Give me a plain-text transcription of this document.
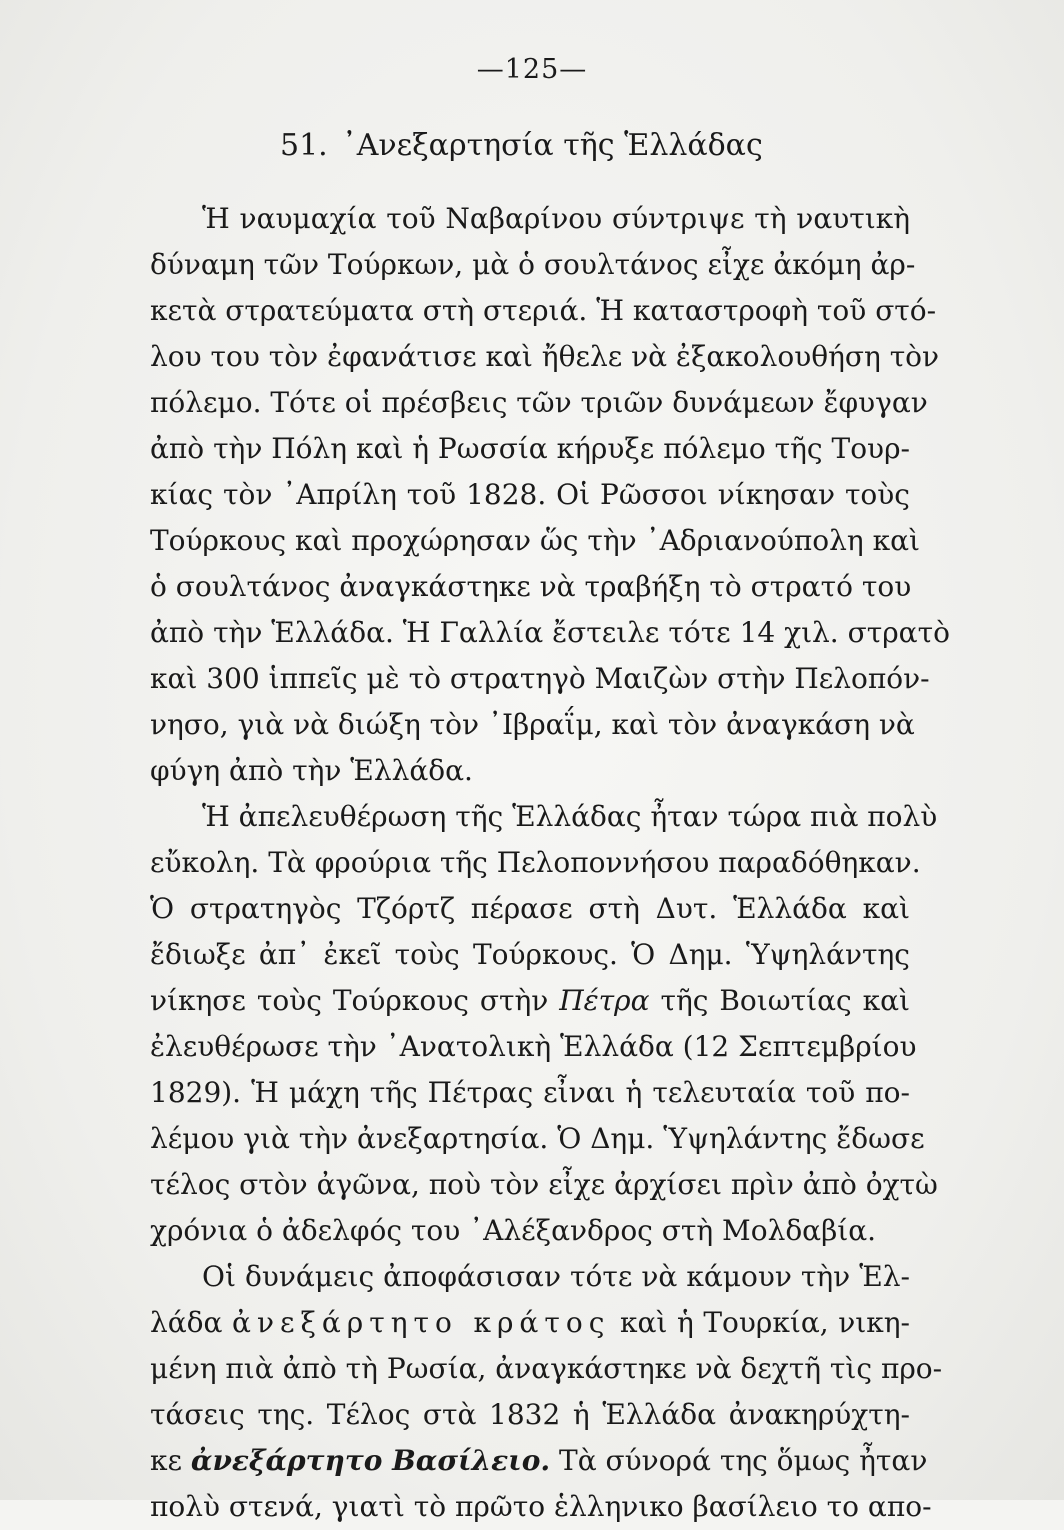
—125—
51. ᾿Ανεξαρτησία τῆς Ἑλλάδας
Ἡ ναυμαχία τοῦ Ναβαρίνου σύντριψε τὴ ναυτικὴ
δύναμη τῶν Τούρκων, μὰ ὁ σουλτάνος εἶχε ἀκόμη ἀρ-
κετὰ στρατεύματα στὴ στεριά. Ἡ καταστροφὴ τοῦ στό-
λου του τὸν ἐφανάτισε καὶ ἤθελε νὰ ἐξακολουθήση τὸν
πόλεμο. Τότε οἱ πρέσβεις τῶν τριῶν δυνάμεων ἔφυγαν
ἀπὸ τὴν Πόλη καὶ ἡ Ρωσσία κήρυξε πόλεμο τῆς Τουρ-
κίας τὸν ᾿Απρίλη τοῦ 1828. Οἱ Ρῶσσοι νίκησαν τοὺς
Τούρκους καὶ προχώρησαν ὥς τὴν ᾿Αδριανούπολη καὶ
ὁ σουλτάνος ἀναγκάστηκε νὰ τραβήξη τὸ στρατό του
ἀπὸ τὴν Ἑλλάδα. Ἡ Γαλλία ἔστειλε τότε 14 χιλ. στρατὸ
καὶ 300 ἱππεῖς μὲ τὸ στρατηγὸ Μαιζὼν στὴν Πελοπόν-
νησο, γιὰ νὰ διώξη τὸν ᾿Ιβραΐμ, καὶ τὸν ἀναγκάση νὰ
φύγη ἀπὸ τὴν Ἑλλάδα.
Ἡ ἀπελευθέρωση τῆς Ἑλλάδας ἦταν τώρα πιὰ πολὺ
εὔκολη. Τὰ φρούρια τῆς Πελοποννήσου παραδόθηκαν.
Ὁ στρατηγὸς Τζόρτζ πέρασε στὴ Δυτ. Ἑλλάδα καὶ
ἔδιωξε ἀπ᾿ ἐκεῖ τοὺς Τούρκους. Ὁ Δημ. Ὑψηλάντης
νίκησε τοὺς Τούρκους στὴν Πέτρα τῆς Βοιωτίας καὶ
ἐλευθέρωσε τὴν ᾿Ανατολικὴ Ἑλλάδα (12 Σεπτεμβρίου
1829). Ἡ μάχη τῆς Πέτρας εἶναι ἡ τελευταία τοῦ πο-
λέμου γιὰ τὴν ἀνεξαρτησία. Ὁ Δημ. Ὑψηλάντης ἔδωσε
τέλος στὸν ἀγῶνα, ποὺ τὸν εἶχε ἀρχίσει πρὶν ἀπὸ ὀχτὼ
χρόνια ὁ ἀδελφός του ᾿Αλέξανδρος στὴ Μολδαβία.
Οἱ δυνάμεις ἀποφάσισαν τότε νὰ κάμουν τὴν Ἑλ-
λάδα ἀνεξάρτητο κράτος καὶ ἡ Τουρκία, νικη-
μένη πιὰ ἀπὸ τὴ Ρωσία, ἀναγκάστηκε νὰ δεχτῆ τὶς προ-
τάσεις της. Τέλος στὰ 1832 ἡ Ἑλλάδα ἀνακηρύχτη-
κε ἀνεξάρτητο Βασίλειο. Τὰ σύνορά της ὅμως ἦταν
πολὺ στενά, γιατὶ τὸ πρῶτο ἑλληνικο βασίλειο το απο-
